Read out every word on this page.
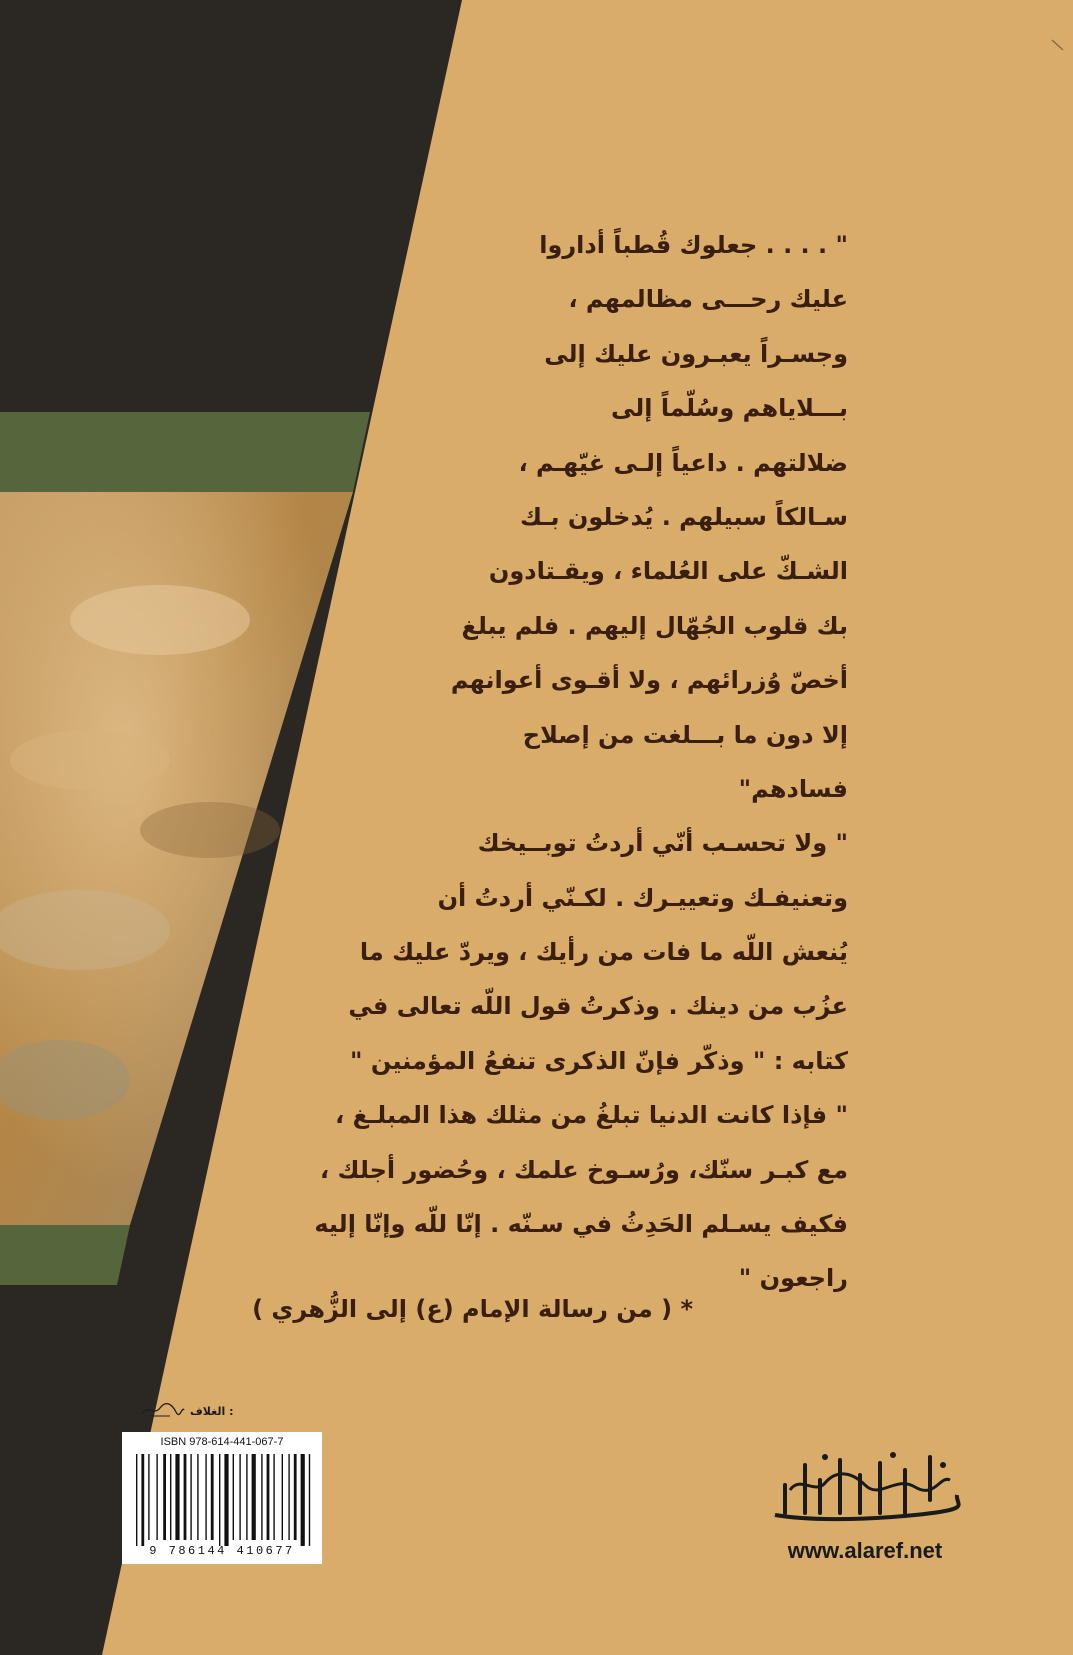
" . . . . جعلوك قُطباً أداروا
عليك رحـــى مظالمهم ،
وجسـراً يعبـرون عليك إلى
بـــلاياهم وسُلّماً إلى
ضلالتهم . داعياً إلـى غيّهـم ،
سـالكاً سبيلهم . يُدخلون بـك
الشـكّ على العُلماء ، ويقـتادون
بك قلوب الجُهّال إليهم . فلم يبلغ
أخصّ وُزرائهم ، ولا أقـوى أعوانهم
إلا دون ما بـــلغت من إصلاح
فسادهم"
" ولا تحسـب أنّي أردتُ توبــيخك
وتعنيفـك وتعييـرك . لكـنّي أردتُ أن
يُنعش اللّه ما فات من رأيك ، ويردّ عليك ما
عزُب من دينك . وذكرتُ قول اللّه تعالى في
كتابه : " وذكّر فإنّ الذكرى تنفعُ المؤمنين "
" فإذا كانت الدنيا تبلغُ من مثلك هذا المبلـغ ،
مع كبـر سنّك، ورُسـوخ علمك ، وحُضور أجلك ،
فكيف يسـلم الحَدِثُ في سـنّه . إنّا للّه وإنّا إليه
راجعون "
* ( من رسالة الإمام (ع) إلى الزُّهري )
الغلاف :
ISBN 978-614-441-067-7
9 786144 410677
دار المعارف للمطبوعات
www.alaref.net
